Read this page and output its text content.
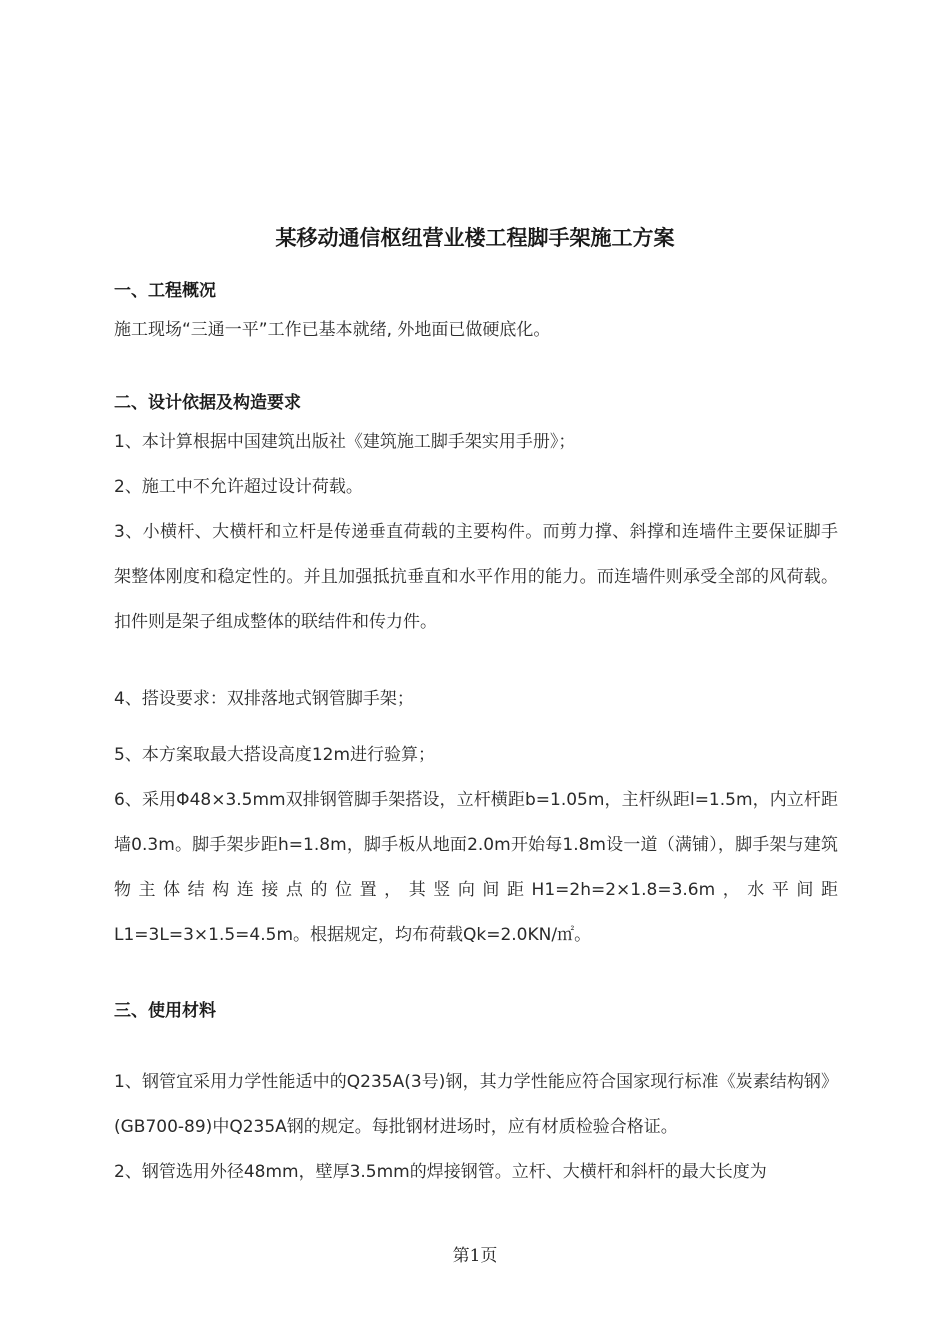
某移动通信枢纽营业楼工程脚手架施工方案
一、工程概况
施工现场“三通一平”工作已基本就绪, 外地面已做硬底化。
二、设计依据及构造要求
1、本计算根据中国建筑出版社《建筑施工脚手架实用手册》；
2、施工中不允许超过设计荷载。
3、小横杆、大横杆和立杆是传递垂直荷载的主要构件。而剪力撑、斜撑和连墙件主要保证脚手架整体刚度和稳定性的。并且加强抵抗垂直和水平作用的能力。而连墙件则承受全部的风荷载。扣件则是架子组成整体的联结件和传力件。
4、搭设要求：双排落地式钢管脚手架；
5、本方案取最大搭设高度12m进行验算；
6、采用Φ48×3.5mm双排钢管脚手架搭设，立杆横距b=1.05m，主杆纵距l=1.5m，内立杆距墙0.3m。脚手架步距h=1.8m，脚手板从地面2.0m开始每1.8m设一道（满铺），脚手架与建筑物主体结构连接点的位置，其竖向间距H1=2h=2×1.8=3.6m，水平间距L1=3L=3×1.5=4.5m。根据规定，均布荷载Qk=2.0KN/㎡。
三、使用材料
1、钢管宜采用力学性能适中的Q235A(3号)钢，其力学性能应符合国家现行标准《炭素结构钢》(GB700-89)中Q235A钢的规定。每批钢材进场时，应有材质检验合格证。
2、钢管选用外径48mm，壁厚3.5mm的焊接钢管。立杆、大横杆和斜杆的最大长度为
第1页
